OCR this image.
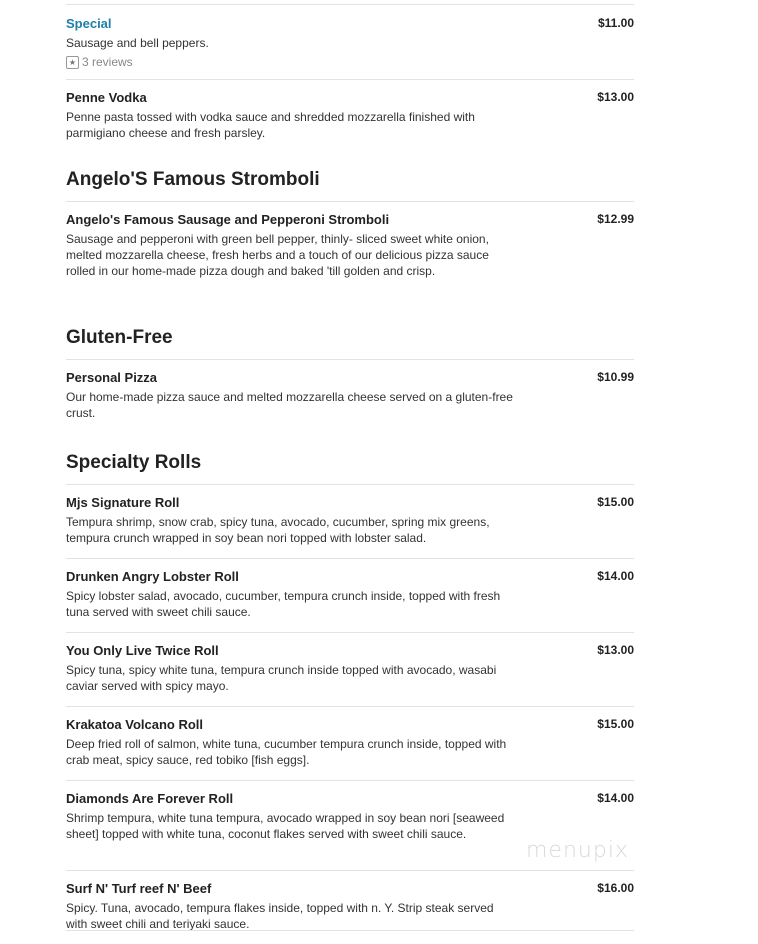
Special	$11.00
Sausage and bell peppers.
★ 3 reviews
Penne Vodka	$13.00
Penne pasta tossed with vodka sauce and shredded mozzarella finished with parmigiano cheese and fresh parsley.
Angelo'S Famous Stromboli
Angelo's Famous Sausage and Pepperoni Stromboli	$12.99
Sausage and pepperoni with green bell pepper, thinly- sliced sweet white onion, melted mozzarella cheese, fresh herbs and a touch of our delicious pizza sauce rolled in our home-made pizza dough and baked 'till golden and crisp.
Gluten-Free
Personal Pizza	$10.99
Our home-made pizza sauce and melted mozzarella cheese served on a gluten-free crust.
Specialty Rolls
Mjs Signature Roll	$15.00
Tempura shrimp, snow crab, spicy tuna, avocado, cucumber, spring mix greens, tempura crunch wrapped in soy bean nori topped with lobster salad.
Drunken Angry Lobster Roll	$14.00
Spicy lobster salad, avocado, cucumber, tempura crunch inside, topped with fresh tuna served with sweet chili sauce.
You Only Live Twice Roll	$13.00
Spicy tuna, spicy white tuna, tempura crunch inside topped with avocado, wasabi caviar served with spicy mayo.
Krakatoa Volcano Roll	$15.00
Deep fried roll of salmon, white tuna, cucumber tempura crunch inside, topped with crab meat, spicy sauce, red tobiko [fish eggs].
Diamonds Are Forever Roll	$14.00
Shrimp tempura, white tuna tempura, avocado wrapped in soy bean nori [seaweed sheet] topped with white tuna, coconut flakes served with sweet chili sauce.
Surf N' Turf reef N' Beef	$16.00
Spicy. Tuna, avocado, tempura flakes inside, topped with n. Y. Strip steak served with sweet chili and teriyaki sauce.
menupix
